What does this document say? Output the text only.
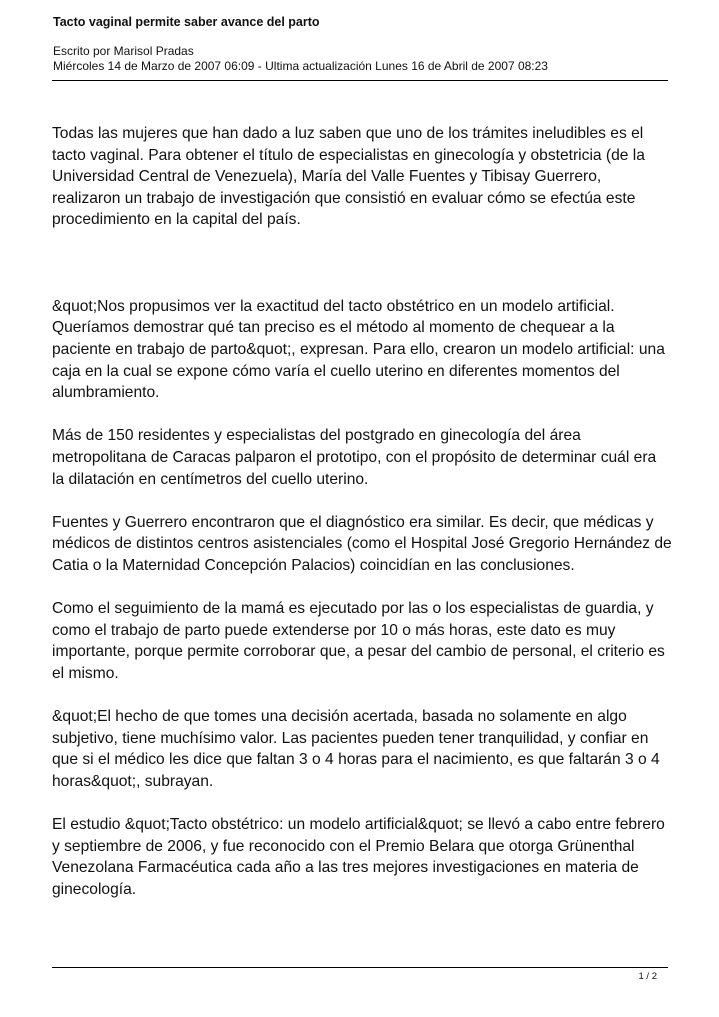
Tacto vaginal permite saber avance del parto
Escrito por Marisol Pradas
Miércoles 14 de Marzo de 2007 06:09 - Ultima actualización Lunes 16 de Abril de 2007 08:23

Todas las mujeres que han dado a luz saben que uno de los trámites ineludibles es el tacto vaginal. Para obtener el título de especialistas en ginecología y obstetricia (de la Universidad Central de Venezuela), María del Valle Fuentes y Tibisay Guerrero, realizaron un trabajo de investigación que consistió en evaluar cómo se efectúa este procedimiento en la capital del país.

&quot;Nos propusimos ver la exactitud del tacto obstétrico en un modelo artificial. Queríamos demostrar qué tan preciso es el método al momento de chequear a la paciente en trabajo de parto&quot;, expresan. Para ello, crearon un modelo artificial: una caja en la cual se expone cómo varía el cuello uterino en diferentes momentos del alumbramiento.

Más de 150 residentes y especialistas del postgrado en ginecología del área metropolitana de Caracas palparon el prototipo, con el propósito de determinar cuál era la dilatación en centímetros del cuello uterino.

Fuentes y Guerrero encontraron que el diagnóstico era similar. Es decir, que médicas y médicos de distintos centros asistenciales (como el Hospital José Gregorio Hernández de Catia o la Maternidad Concepción Palacios) coincidían en las conclusiones.

Como el seguimiento de la mamá es ejecutado por las o los especialistas de guardia, y como el trabajo de parto puede extenderse por 10 o más horas, este dato es muy importante, porque permite corroborar que, a pesar del cambio de personal, el criterio es el mismo.

&quot;El hecho de que tomes una decisión acertada, basada no solamente en algo subjetivo, tiene muchísimo valor. Las pacientes pueden tener tranquilidad, y confiar en que si el médico les dice que faltan 3 o 4 horas para el nacimiento, es que faltarán 3 o 4 horas&quot;, subrayan.

El estudio &quot;Tacto obstétrico: un modelo artificial&quot; se llevó a cabo entre febrero y septiembre de 2006, y fue reconocido con el Premio Belara que otorga Grünenthal Venezolana Farmacéutica cada año a las tres mejores investigaciones en materia de ginecología.

1 / 2
